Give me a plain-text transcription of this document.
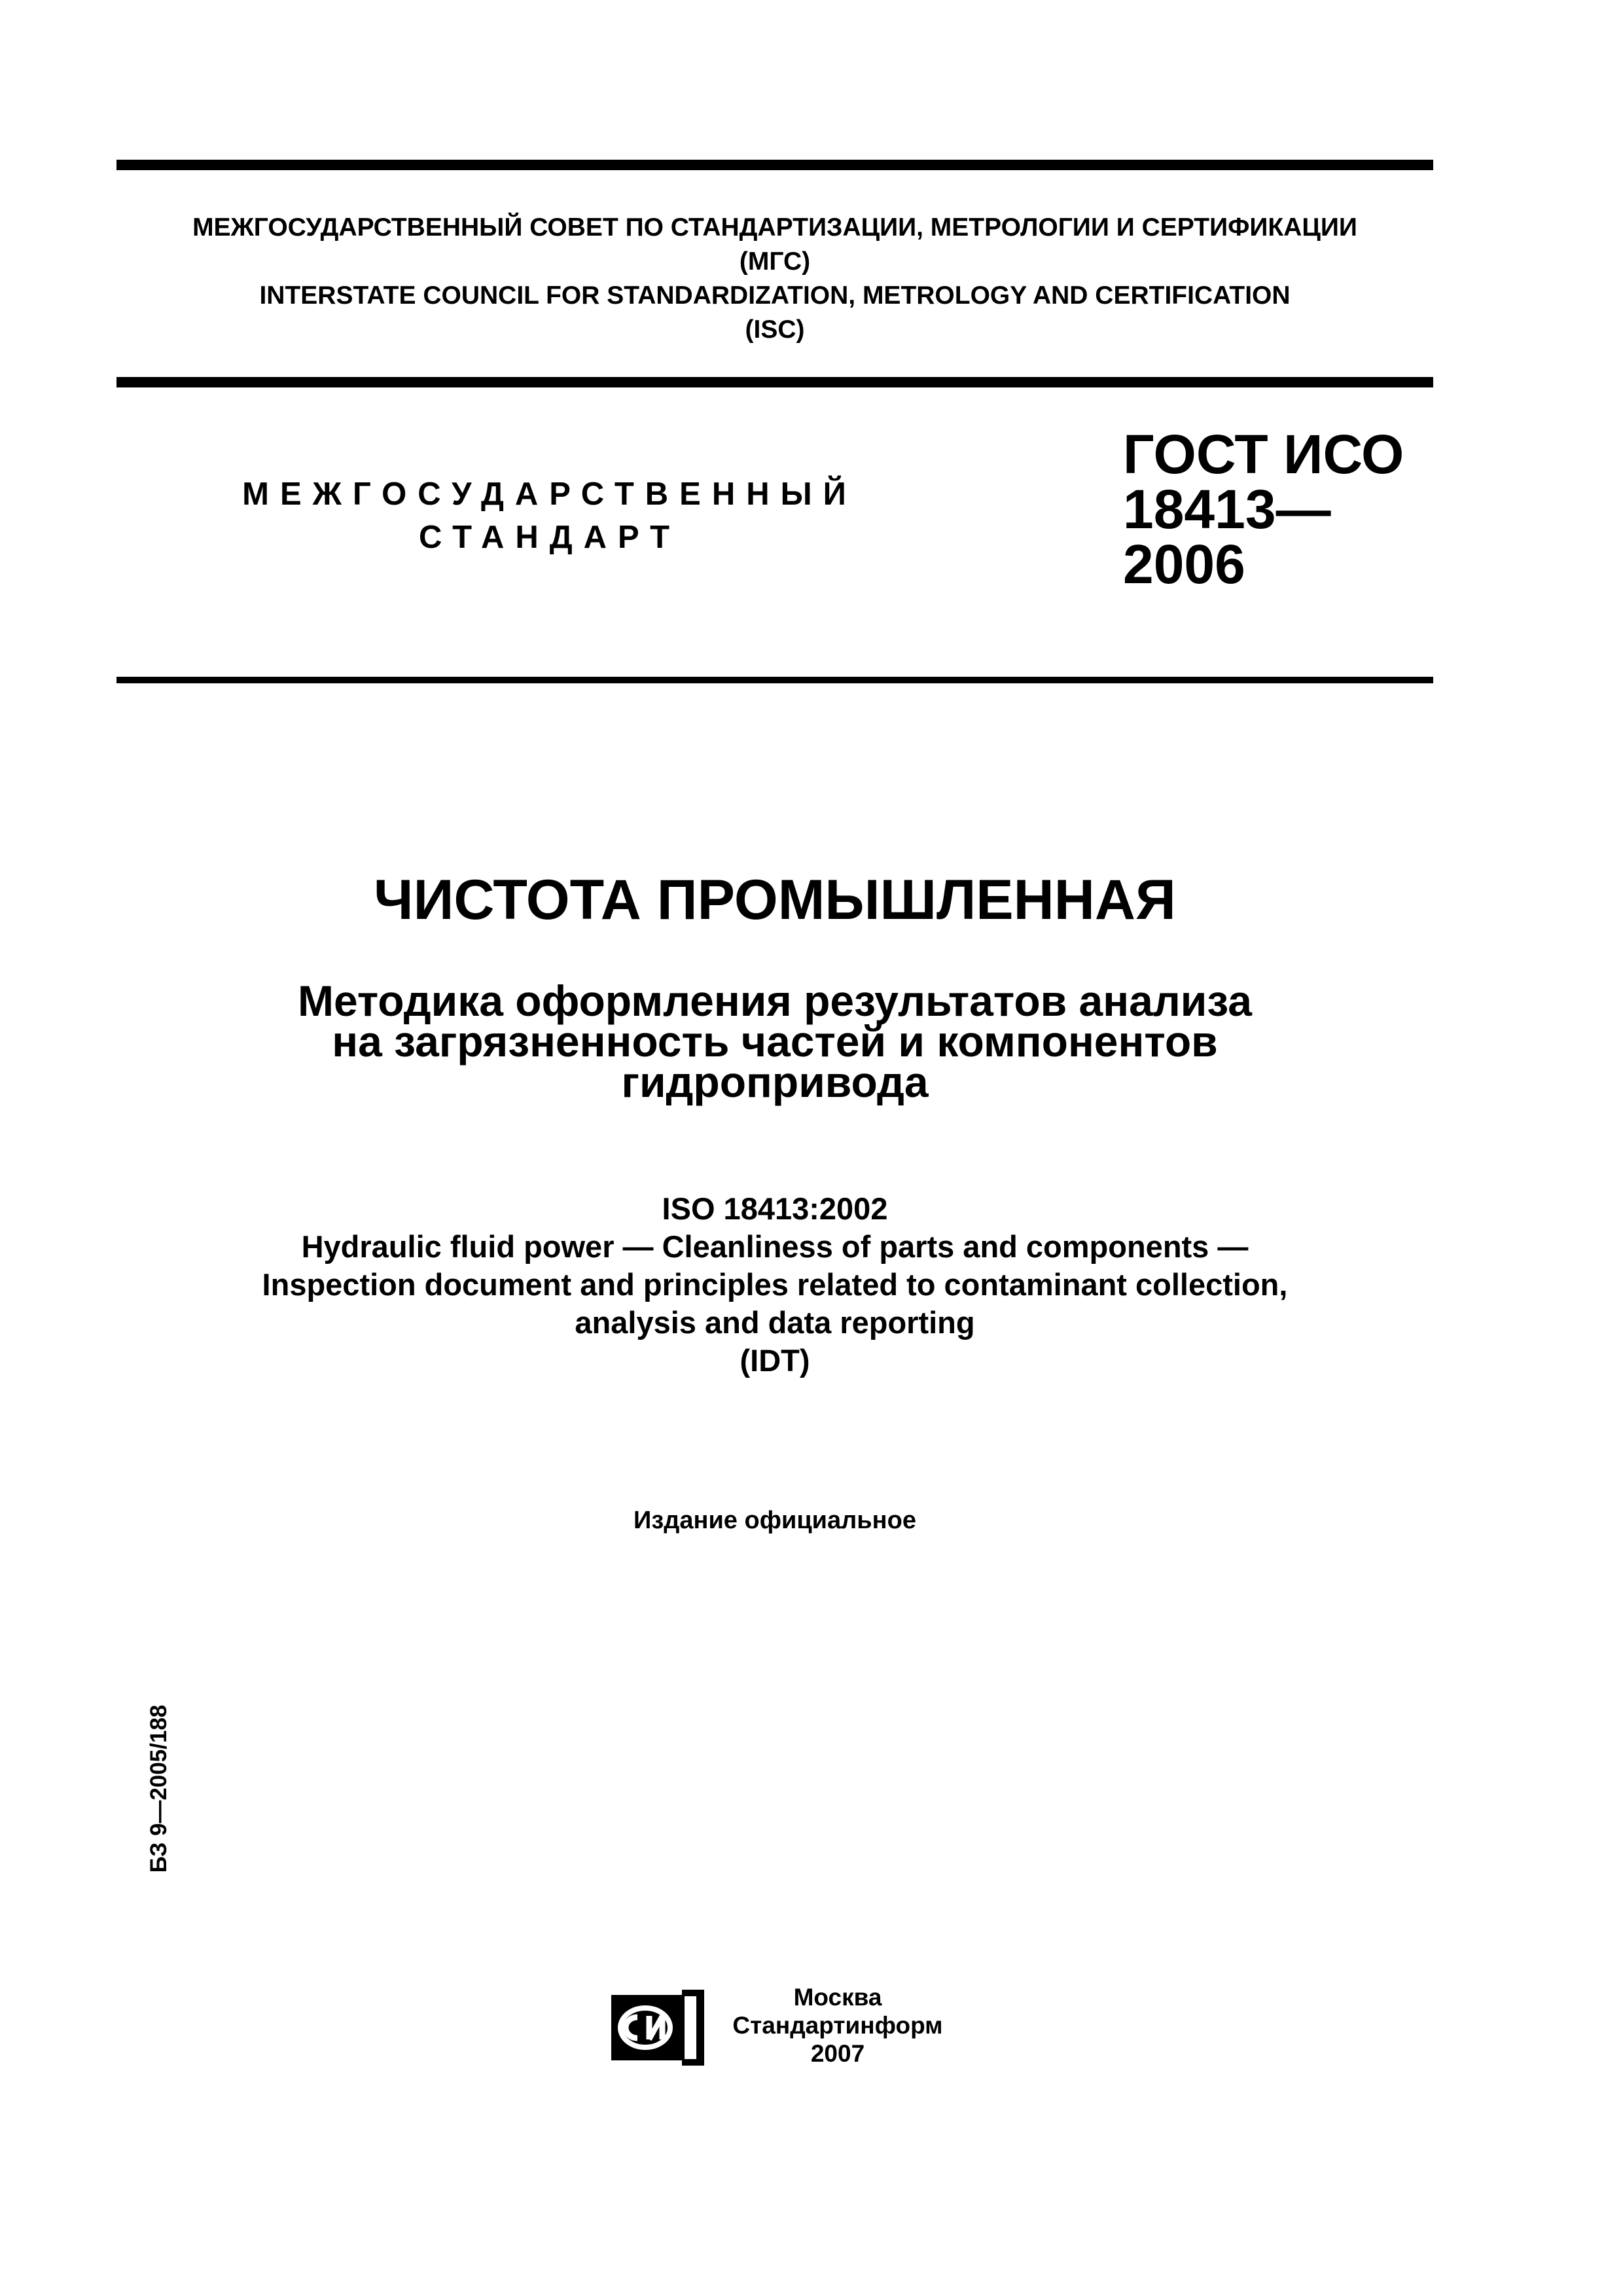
МЕЖГОСУДАРСТВЕННЫЙ СОВЕТ ПО СТАНДАРТИЗАЦИИ, МЕТРОЛОГИИ И СЕРТИФИКАЦИИ
(МГС)
INTERSTATE COUNCIL FOR STANDARDIZATION, METROLOGY AND CERTIFICATION
(ISC)
МЕЖГОСУДАРСТВЕННЫЙ
СТАНДАРТ
ГОСТ ИСО
18413—
2006
ЧИСТОТА ПРОМЫШЛЕННАЯ
Методика оформления результатов анализа
на загрязненность частей и компонентов
гидропривода
ISO 18413:2002
Hydraulic fluid power — Cleanliness of parts and components —
Inspection document and principles related to contaminant collection,
analysis and data reporting
(IDT)
Издание официальное
БЗ 9—2005/188
Москва
Стандартинформ
2007
